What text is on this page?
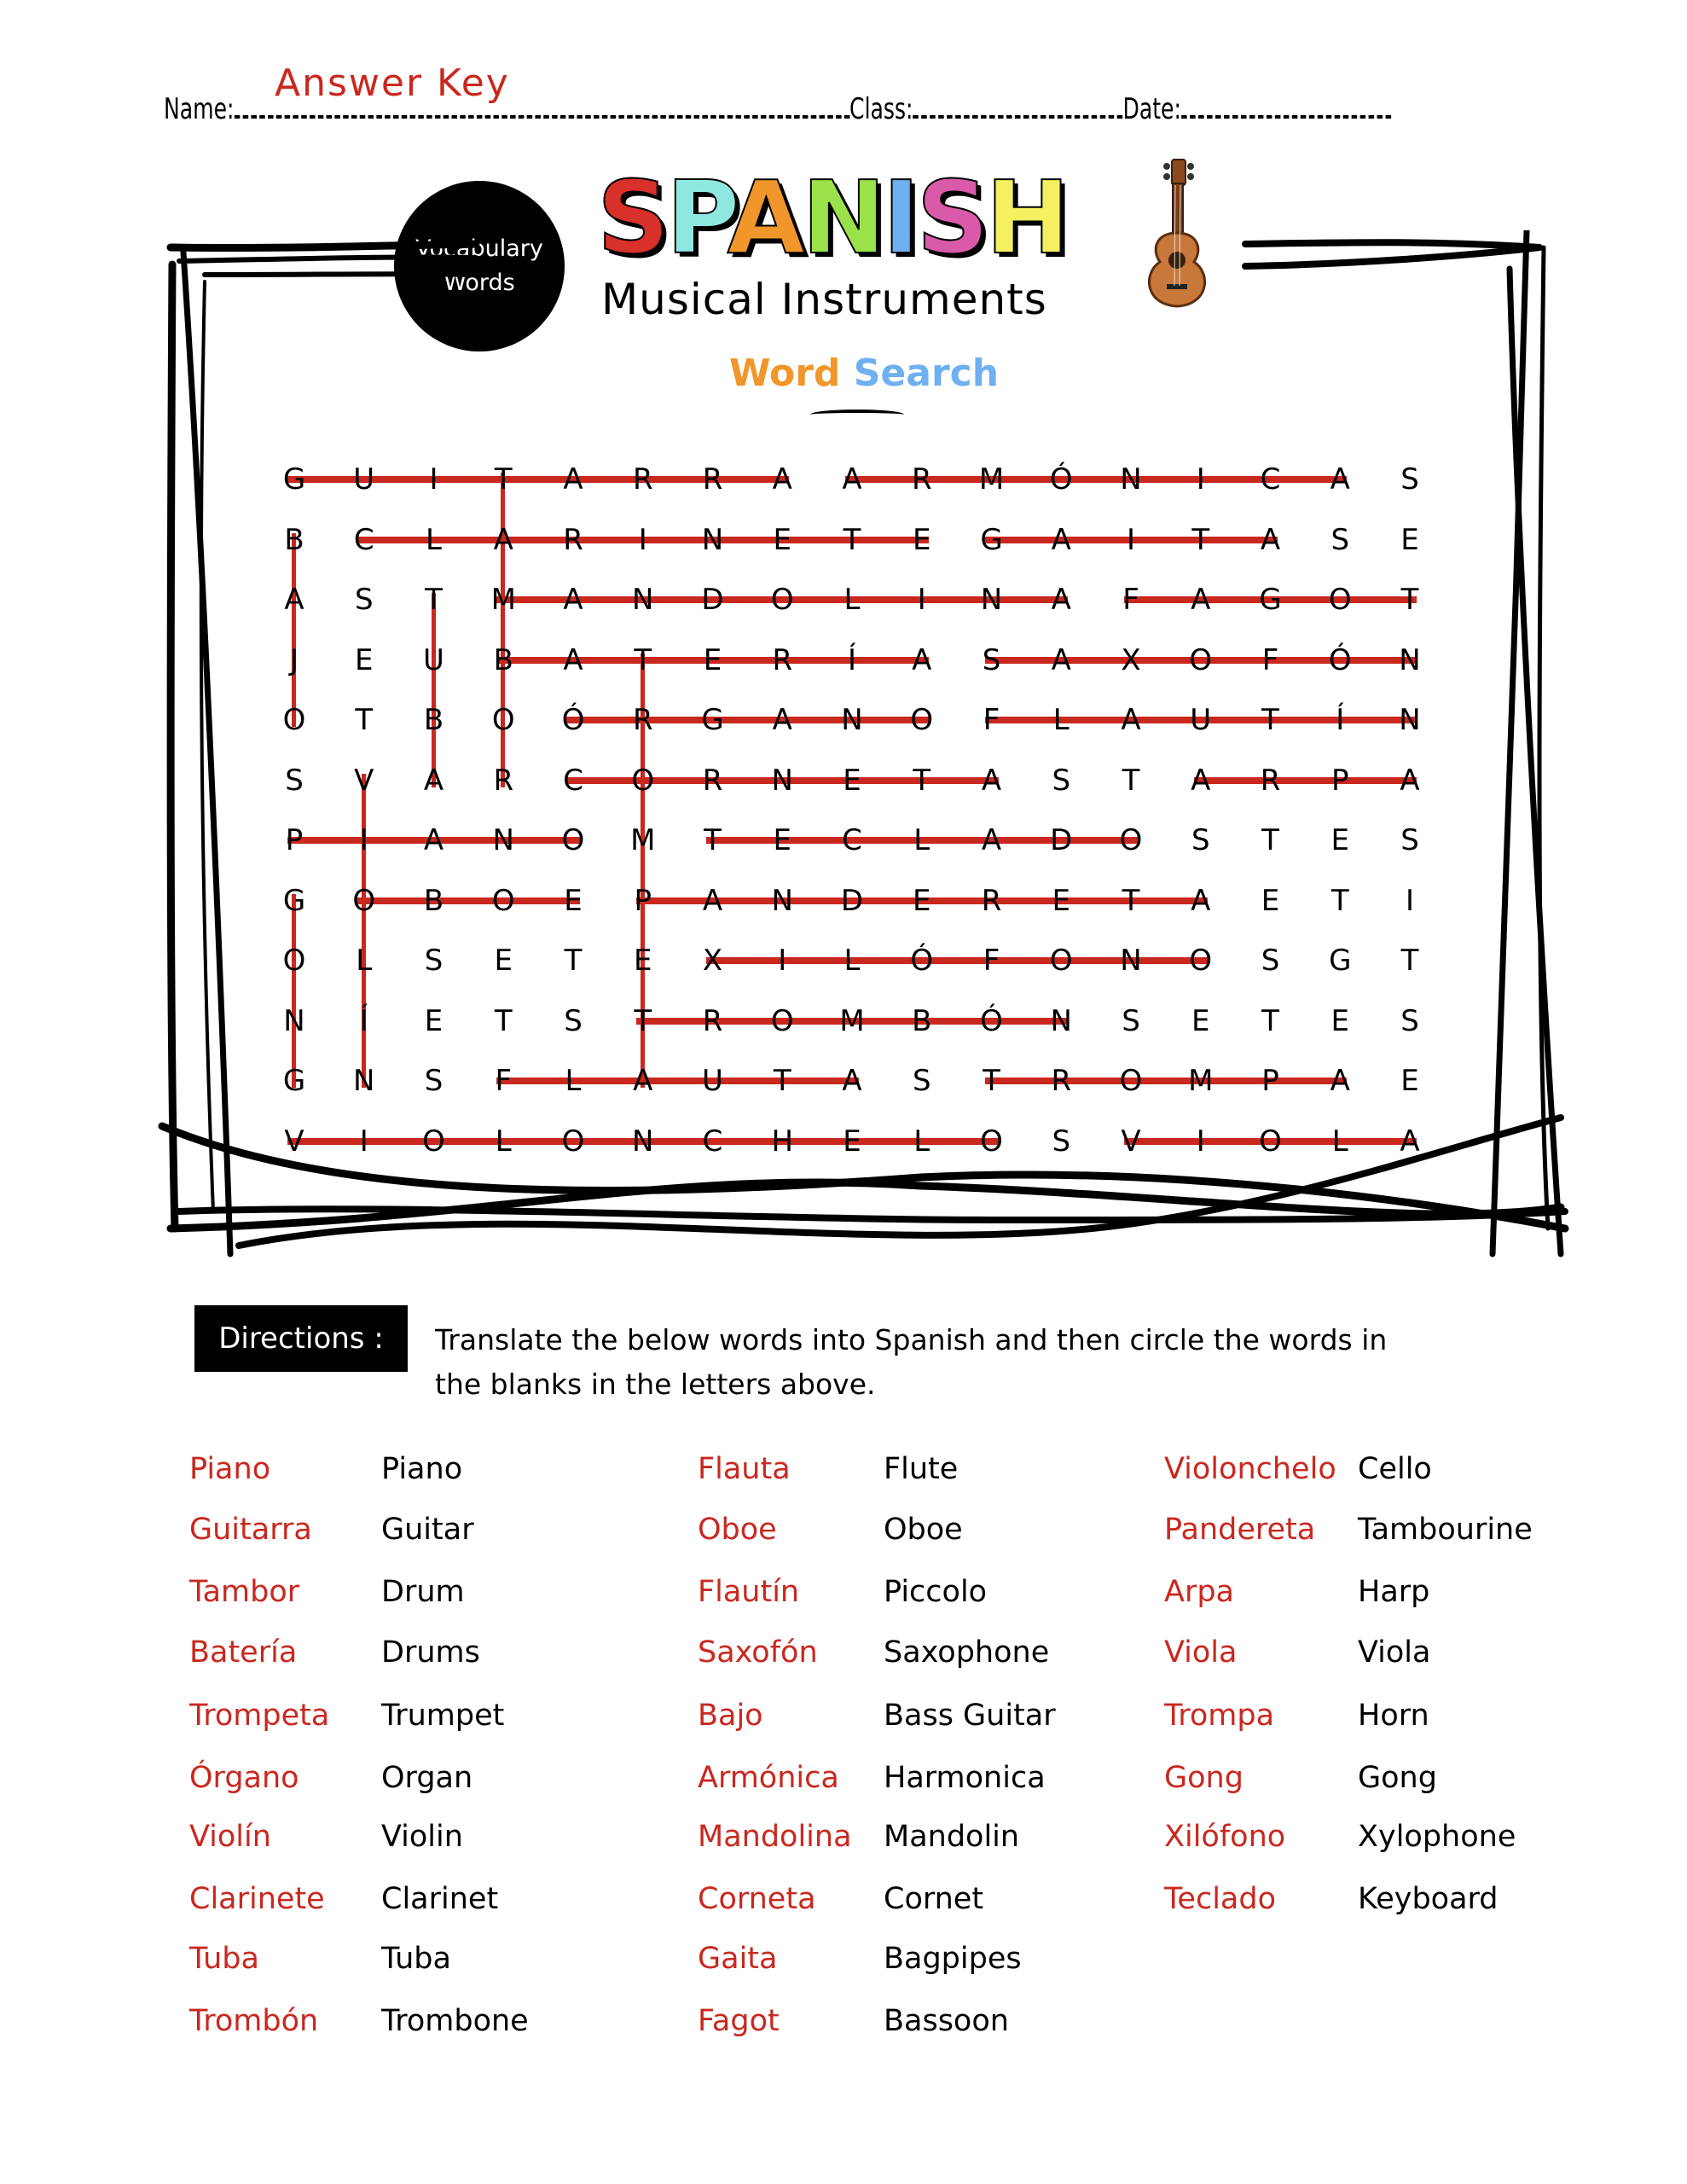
Answer Key
Name:	Class:	Date:
Vocabulary
Words
SPANISH
Musical Instruments
Word Search
G U	I	T A R R A A R M Ó N	I	C A S
B C	L	A R	I	N E T E G A	I	T A S E
A S T M A N D O	L	I	N A	F	A G O T
J	E U B A T E R	Í	A S A X O	F	Ó N
O T B O Ó R G A N O	F	L	A U T	Í	N
S V A R C O R N E T A S T A R P A
P	I	A N O M T E C	L	A D O S T E S
G O B O E P A N D E R E T A E T	I
O	L	S E T E X	I	L	Ó	F	O N O S G T
N	Í	E T S T R O M B Ó N S E T E S
G N S	F	L	A U T A S T R O M P A E
V	I	O	L	O N C H E	L	O S V	I	O	L	A
Directions :	Translate the below words into Spanish and then circle the words in the blanks in the letters above.
Piano	Piano
Guitarra Guitar
Tambor	Drum
Batería	Drums
Trompeta Trumpet
Órgano	Organ
Violín	Violin
Clarinete Clarinet
Tuba	Tuba
Trombón Trombone
Flauta	Flute
Oboe	Oboe
Flautín	Piccolo
Saxofón Saxophone
Bajo	Bass Guitar
Armónica Harmonica
Mandolina Mandolin
Corneta Cornet
Gaita	Bagpipes
Fagot	Bassoon
Violonchelo Cello
Pandereta Tambourine
Arpa	Harp
Viola	Viola
Trompa	Horn
Gong	Gong
Xilófono Xylophone
Teclado	Keyboard
